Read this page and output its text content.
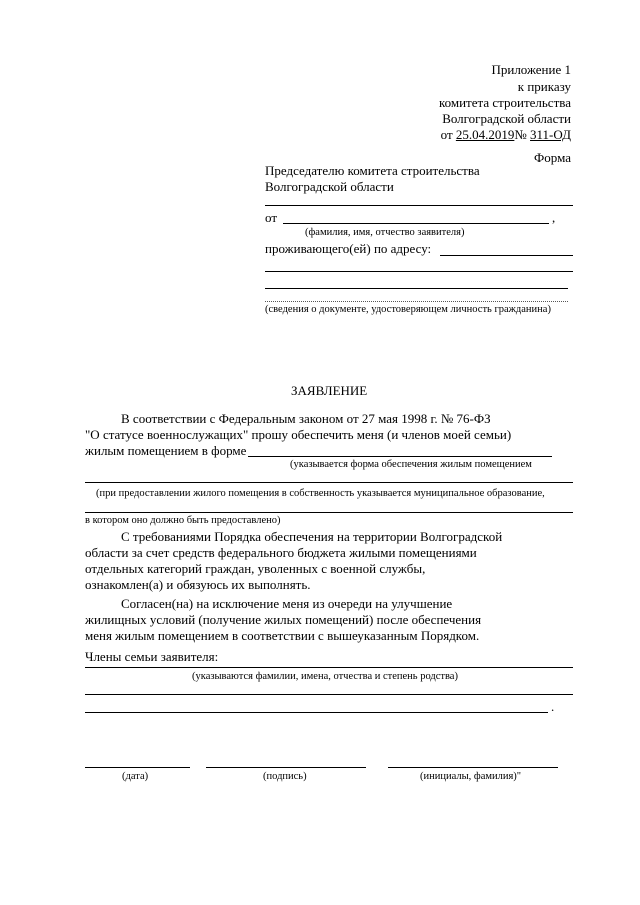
Приложение 1
к приказу
комитета строительства
Волгоградской области
от 25.04.2019№ 311-ОД
Форма
Председателю комитета строительства
Волгоградской области
от	,
(фамилия, имя, отчество заявителя)
проживающего(ей) по адресу:
(сведения о документе, удостоверяющем личность гражданина)
ЗАЯВЛЕНИЕ
В соответствии с Федеральным законом от 27 мая 1998 г. № 76-ФЗ
"О статусе военнослужащих" прошу обеспечить меня (и членов моей семьи)
жилым помещением в форме
(указывается форма обеспечения жилым помещением
(при предоставлении жилого помещения в собственность указывается муниципальное образование,
в котором оно должно быть предоставлено)
С требованиями Порядка обеспечения на территории Волгоградской
области за счет средств федерального бюджета жилыми помещениями
отдельных категорий граждан, уволенных с военной службы,
ознакомлен(а) и обязуюсь их выполнять.
Согласен(на) на исключение меня из очереди на улучшение
жилищных условий (получение жилых помещений) после обеспечения
меня жилым помещением в соответствии с вышеуказанным Порядком.
Члены семьи заявителя:
(указываются фамилии, имена, отчества и степень родства)
.
(дата)	(подпись)	(инициалы, фамилия)"
